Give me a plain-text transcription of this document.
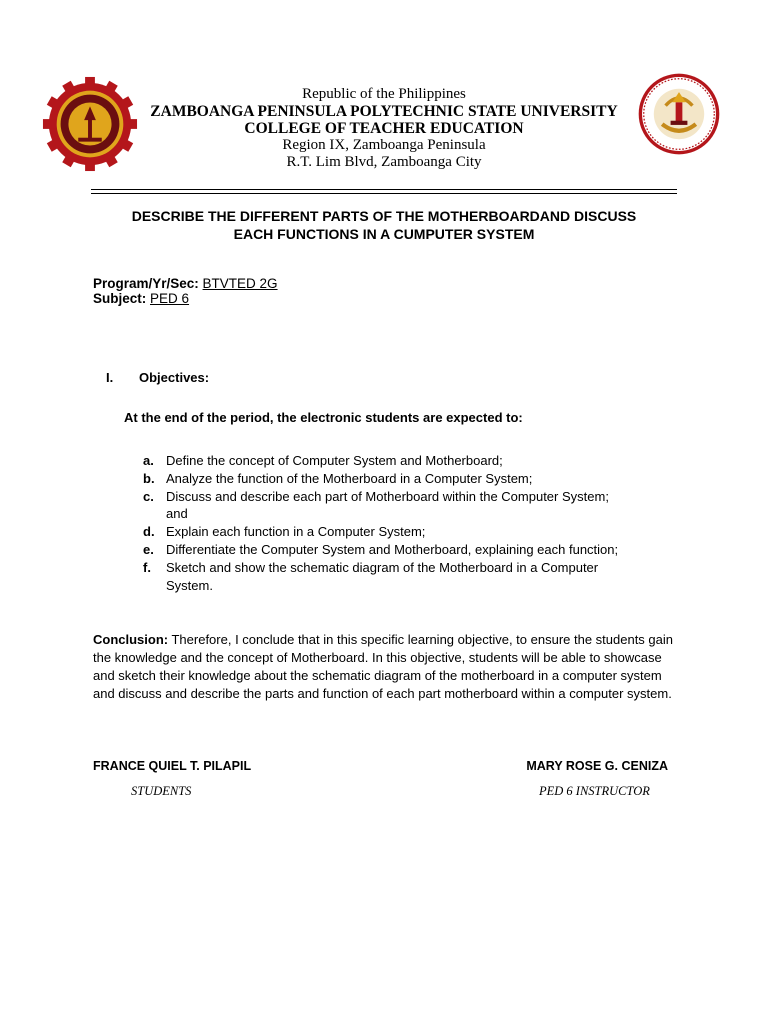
Republic of the Philippines
ZAMBOANGA PENINSULA POLYTECHNIC STATE UNIVERSITY
COLLEGE OF TEACHER EDUCATION
Region IX, Zamboanga Peninsula
R.T. Lim Blvd, Zamboanga City
DESCRIBE THE DIFFERENT PARTS OF THE MOTHERBOARDAND DISCUSS
EACH FUNCTIONS IN A CUMPUTER SYSTEM
Program/Yr/Sec: BTVTED 2G
Subject: PED 6
I. Objectives:
At the end of the period, the electronic students are expected to:
a. Define the concept of Computer System and Motherboard;
b. Analyze the function of the Motherboard in a Computer System;
c. Discuss and describe each part of Motherboard within the Computer System;
and
d. Explain each function in a Computer System;
e. Differentiate the Computer System and Motherboard, explaining each function;
f.	Sketch and show the schematic diagram of the Motherboard in a Computer
System.
Conclusion: Therefore, I conclude that in this specific learning objective, to ensure the students gain the knowledge and the concept of Motherboard. In this objective, students will be able to showcase and sketch their knowledge about the schematic diagram of the motherboard in a computer system and discuss and describe the parts and function of each part motherboard within a computer system.
FRANCE QUIEL T. PILAPIL
STUDENTS
MARY ROSE G. CENIZA
PED 6 INSTRUCTOR
